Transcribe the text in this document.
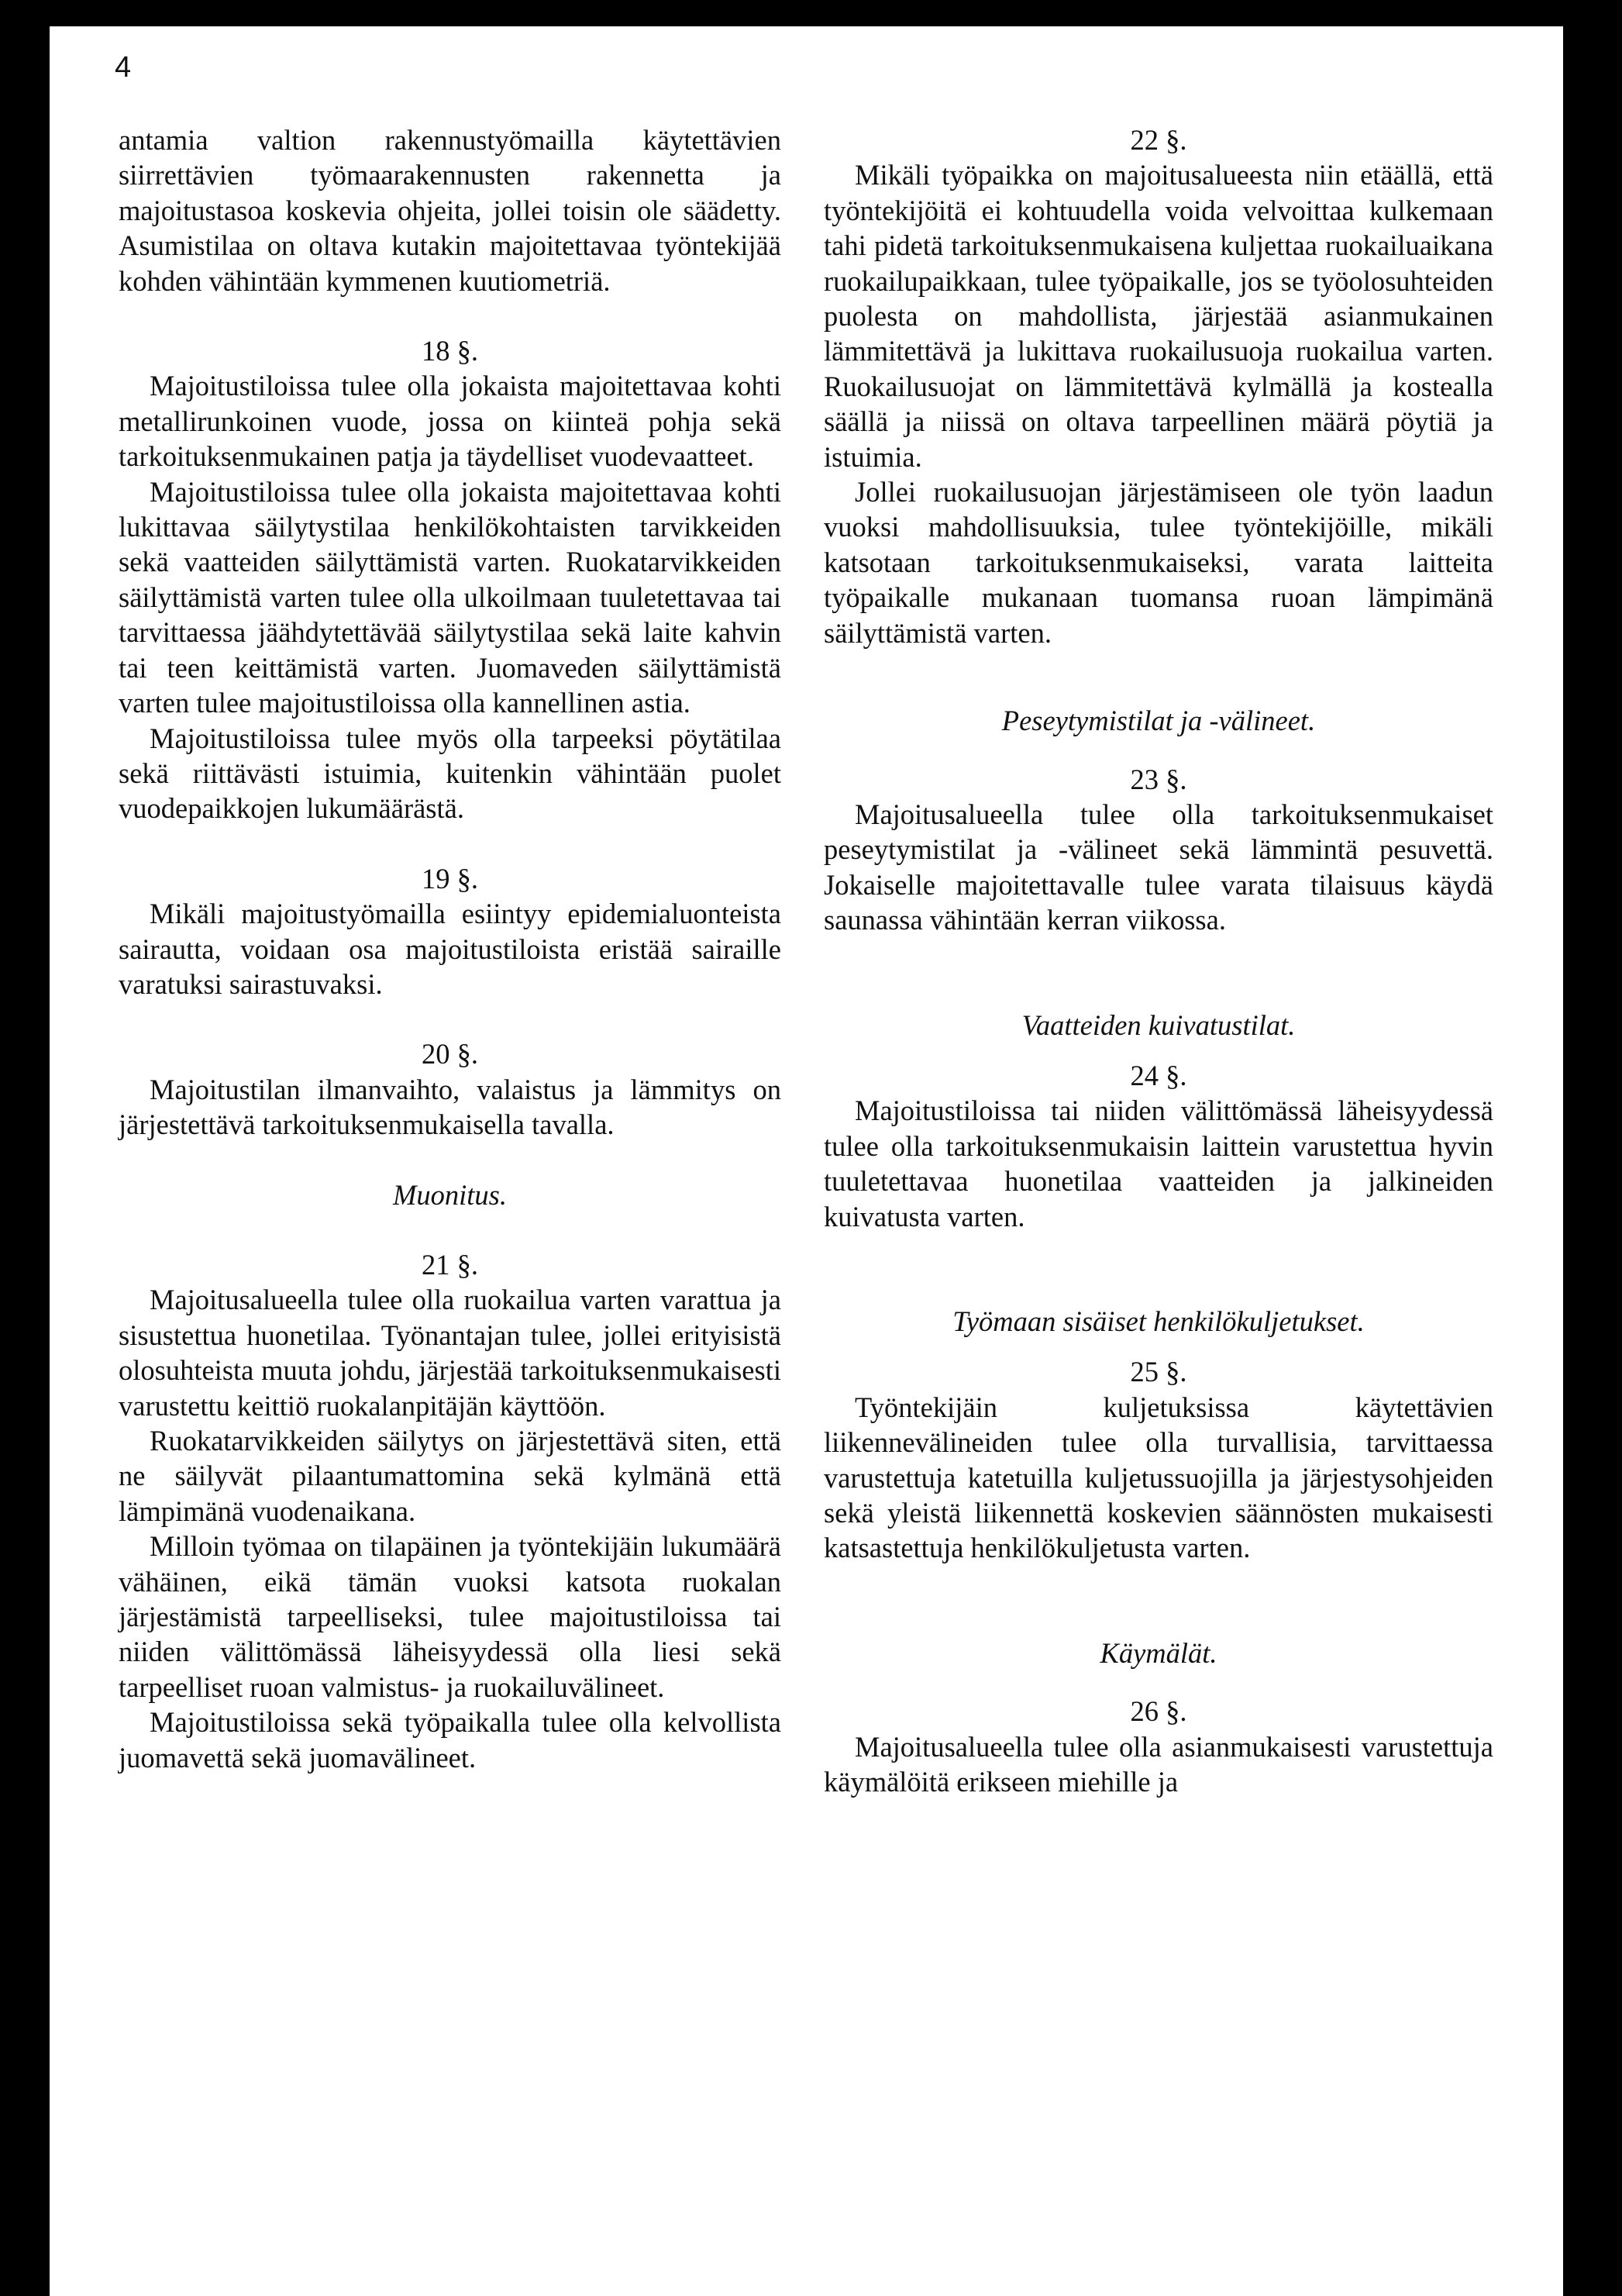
4

antamia valtion rakennustyömailla käytettävien siirrettävien työmaarakennusten rakennetta ja majoitustasoa koskevia ohjeita, jollei toisin ole säädetty. Asumistilaa on oltava kutakin majoitettavaa työntekijää kohden vähintään kymmenen kuutiometriä.

18 §.

Majoitustiloissa tulee olla jokaista majoitettavaa kohti metallirunkoinen vuode, jossa on kiinteä pohja sekä tarkoituksenmukainen patja ja täydelliset vuodevaatteet.

Majoitustiloissa tulee olla jokaista majoitettavaa kohti lukittavaa säilytystilaa henkilökohtaisten tarvikkeiden sekä vaatteiden säilyttämistä varten. Ruokatarvikkeiden säilyttämistä varten tulee olla ulkoilmaan tuuletettavaa tai tarvittaessa jäähdytettävää säilytystilaa sekä laite kahvin tai teen keittämistä varten. Juomaveden säilyttämistä varten tulee majoitustiloissa olla kannellinen astia.

Majoitustiloissa tulee myös olla tarpeeksi pöytätilaa sekä riittävästi istuimia, kuitenkin vähintään puolet vuodepaikkojen lukumäärästä.

19 §.

Mikäli majoitustyömailla esiintyy epidemialuonteista sairautta, voidaan osa majoitustiloista eristää sairaille varatuksi sairastuvaksi.

20 §.

Majoitustilan ilmanvaihto, valaistus ja lämmitys on järjestettävä tarkoituksenmukaisella tavalla.

Muonitus.

21 §.

Majoitusalueella tulee olla ruokailua varten varattua ja sisustettua huonetilaa. Työnantajan tulee, jollei erityisistä olosuhteista muuta johdu, järjestää tarkoituksenmukaisesti varustettu keittiö ruokalanpitäjän käyttöön.

Ruokatarvikkeiden säilytys on järjestettävä siten, että ne säilyvät pilaantumattomina sekä kylmänä että lämpimänä vuodenaikana.

Milloin työmaa on tilapäinen ja työntekijäin lukumäärä vähäinen, eikä tämän vuoksi katsota ruokalan järjestämistä tarpeelliseksi, tulee majoitustiloissa tai niiden välittömässä läheisyydessä olla liesi sekä tarpeelliset ruoan valmistus- ja ruokailuvälineet.

Majoitustiloissa sekä työpaikalla tulee olla kelvollista juomavettä sekä juomavälineet.

22 §.

Mikäli työpaikka on majoitusalueesta niin etäällä, että työntekijöitä ei kohtuudella voida velvoittaa kulkemaan tahi pidetä tarkoituksenmukaisena kuljettaa ruokailuaikana ruokailupaikkaan, tulee työpaikalle, jos se työolosuhteiden puolesta on mahdollista, järjestää asianmukainen lämmitettävä ja lukittava ruokailusuoja ruokailua varten. Ruokailusuojat on lämmitettävä kylmällä ja kostealla säällä ja niissä on oltava tarpeellinen määrä pöytiä ja istuimia.

Jollei ruokailusuojan järjestämiseen ole työn laadun vuoksi mahdollisuuksia, tulee työntekijöille, mikäli katsotaan tarkoituksenmukaiseksi, varata laitteita työpaikalle mukanaan tuomansa ruoan lämpimänä säilyttämistä varten.

Peseytymistilat ja -välineet.

23 §.

Majoitusalueella tulee olla tarkoituksenmukaiset peseytymistilat ja -välineet sekä lämmintä pesuvettä. Jokaiselle majoitettavalle tulee varata tilaisuus käydä saunassa vähintään kerran viikossa.

Vaatteiden kuivatustilat.

24 §.

Majoitustiloissa tai niiden välittömässä läheisyydessä tulee olla tarkoituksenmukaisin laittein varustettua hyvin tuuletettavaa huonetilaa vaatteiden ja jalkineiden kuivatusta varten.

Työmaan sisäiset henkilökuljetukset.

25 §.

Työntekijäin kuljetuksissa käytettävien liikennevälineiden tulee olla turvallisia, tarvittaessa varustettuja katetuilla kuljetussuojilla ja järjestysohjeiden sekä yleistä liikennettä koskevien säännösten mukaisesti katsastettuja henkilökuljetusta varten.

Käymälät.

26 §.

Majoitusalueella tulee olla asianmukaisesti varustettuja käymälöitä erikseen miehille ja
